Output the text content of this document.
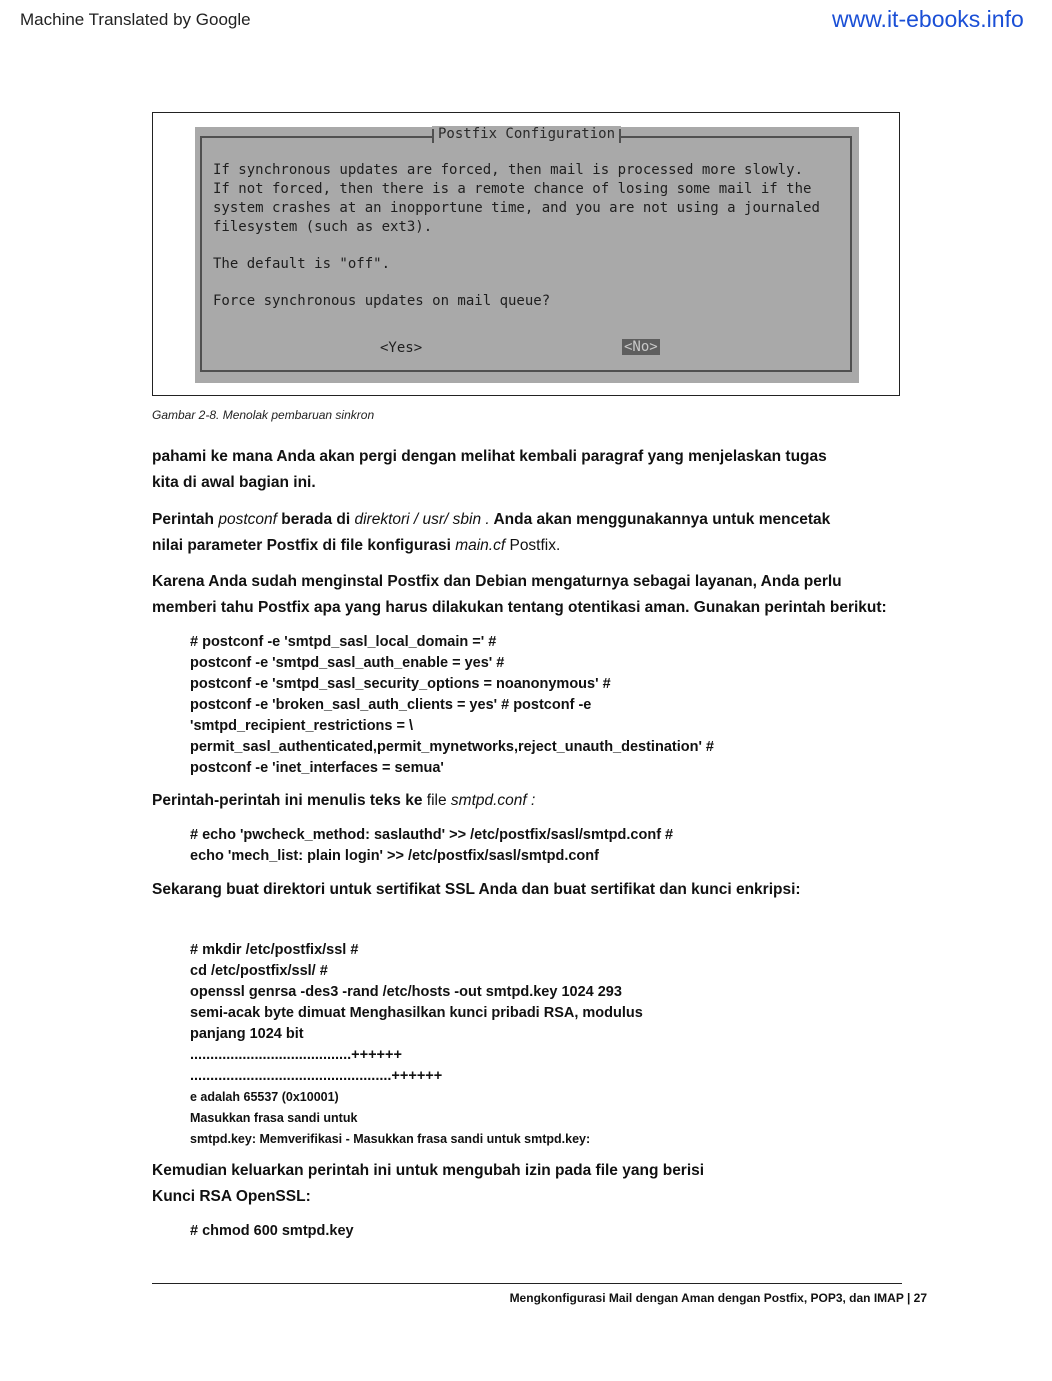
Machine Translated by Google	www.it-ebooks.info
Postfix Configuration
If synchronous updates are forced, then mail is processed more slowly.
If not forced, then there is a remote chance of losing some mail if the
system crashes at an inopportune time, and you are not using a journaled
filesystem (such as ext3).
The default is "off".
Force synchronous updates on mail queue?
<Yes>	<No>
Gambar 2-8. Menolak pembaruan sinkron
pahami ke mana Anda akan pergi dengan melihat kembali paragraf yang menjelaskan tugas
kita di awal bagian ini.
Perintah postconf berada di direktori / usr/ sbin . Anda akan menggunakannya untuk mencetak
nilai parameter Postfix di file konfigurasi main.cf Postfix.
Karena Anda sudah menginstal Postfix dan Debian mengaturnya sebagai layanan, Anda perlu
memberi tahu Postfix apa yang harus dilakukan tentang otentikasi aman. Gunakan perintah berikut:
# postconf -e 'smtpd_sasl_local_domain =' #
postconf -e 'smtpd_sasl_auth_enable = yes' #
postconf -e 'smtpd_sasl_security_options = noanonymous' #
postconf -e 'broken_sasl_auth_clients = yes' # postconf -e
'smtpd_recipient_restrictions = \
permit_sasl_authenticated,permit_mynetworks,reject_unauth_destination' #
postconf -e 'inet_interfaces = semua'
Perintah-perintah ini menulis teks ke file smtpd.conf :
# echo 'pwcheck_method: saslauthd' >> /etc/postfix/sasl/smtpd.conf #
echo 'mech_list: plain login' >> /etc/postfix/sasl/smtpd.conf
Sekarang buat direktori untuk sertifikat SSL Anda dan buat sertifikat dan kunci enkripsi:
# mkdir /etc/postfix/ssl #
cd /etc/postfix/ssl/ #
openssl genrsa -des3 -rand /etc/hosts -out smtpd.key 1024 293
semi-acak byte dimuat Menghasilkan kunci pribadi RSA, modulus
panjang 1024 bit
........................................++++++
..................................................++++++
e adalah 65537 (0x10001)
Masukkan frasa sandi untuk
smtpd.key: Memverifikasi - Masukkan frasa sandi untuk smtpd.key:
Kemudian keluarkan perintah ini untuk mengubah izin pada file yang berisi
Kunci RSA OpenSSL:
# chmod 600 smtpd.key
Mengkonfigurasi Mail dengan Aman dengan Postfix, POP3, dan IMAP | 27
